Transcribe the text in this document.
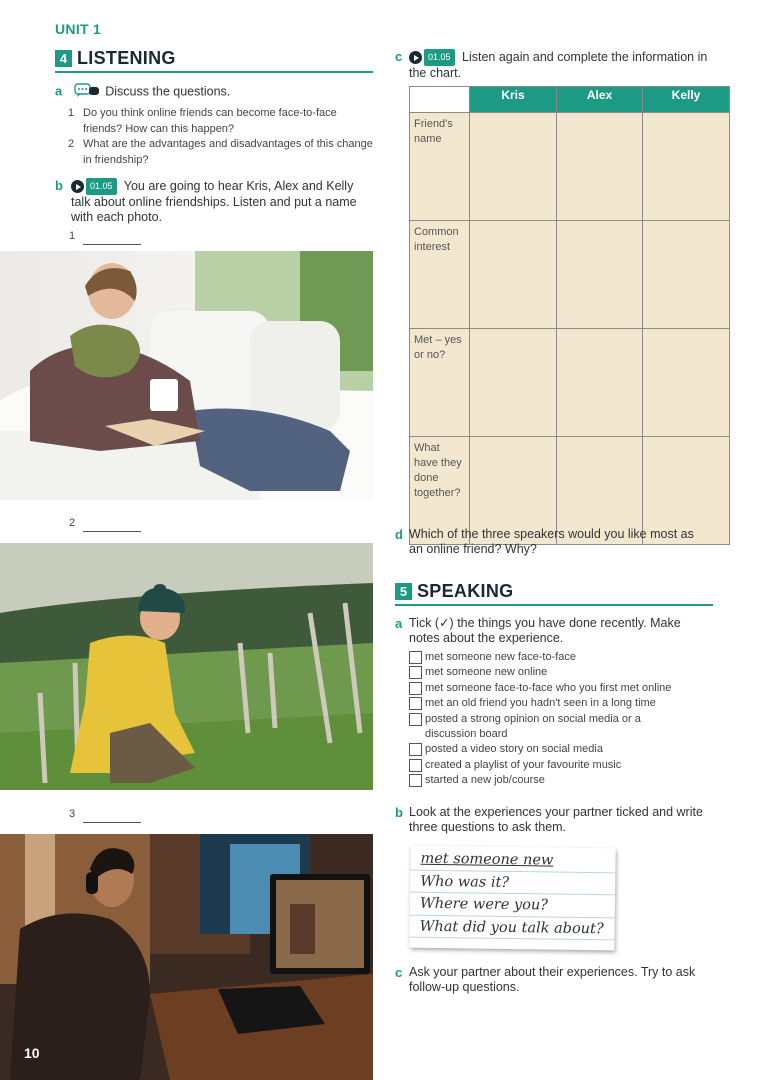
UNIT 1
4 LISTENING
a	Discuss the questions.
1 Do you think online friends can become face-to-face friends? How can this happen?
2 What are the advantages and disadvantages of this change in friendship?
b	01.05 You are going to hear Kris, Alex and Kelly talk about online friendships. Listen and put a name with each photo.
1
2
3
10
c	01.05 Listen again and complete the information in the chart.
	Kris	Alex	Kelly
Friend's name			
Common interest			
Met – yes or no?			
What have they done together?			
d Which of the three speakers would you like most as an online friend? Why?
5 SPEAKING
a Tick (✓) the things you have done recently. Make notes about the experience.
met someone new face-to-face
met someone new online
met someone face-to-face who you first met online
met an old friend you hadn't seen in a long time
posted a strong opinion on social media or a discussion board
posted a video story on social media
created a playlist of your favourite music
started a new job/course
b Look at the experiences your partner ticked and write three questions to ask them.
met someone new
Who was it?
Where were you?
What did you talk about?
c Ask your partner about their experiences. Try to ask follow-up questions.
